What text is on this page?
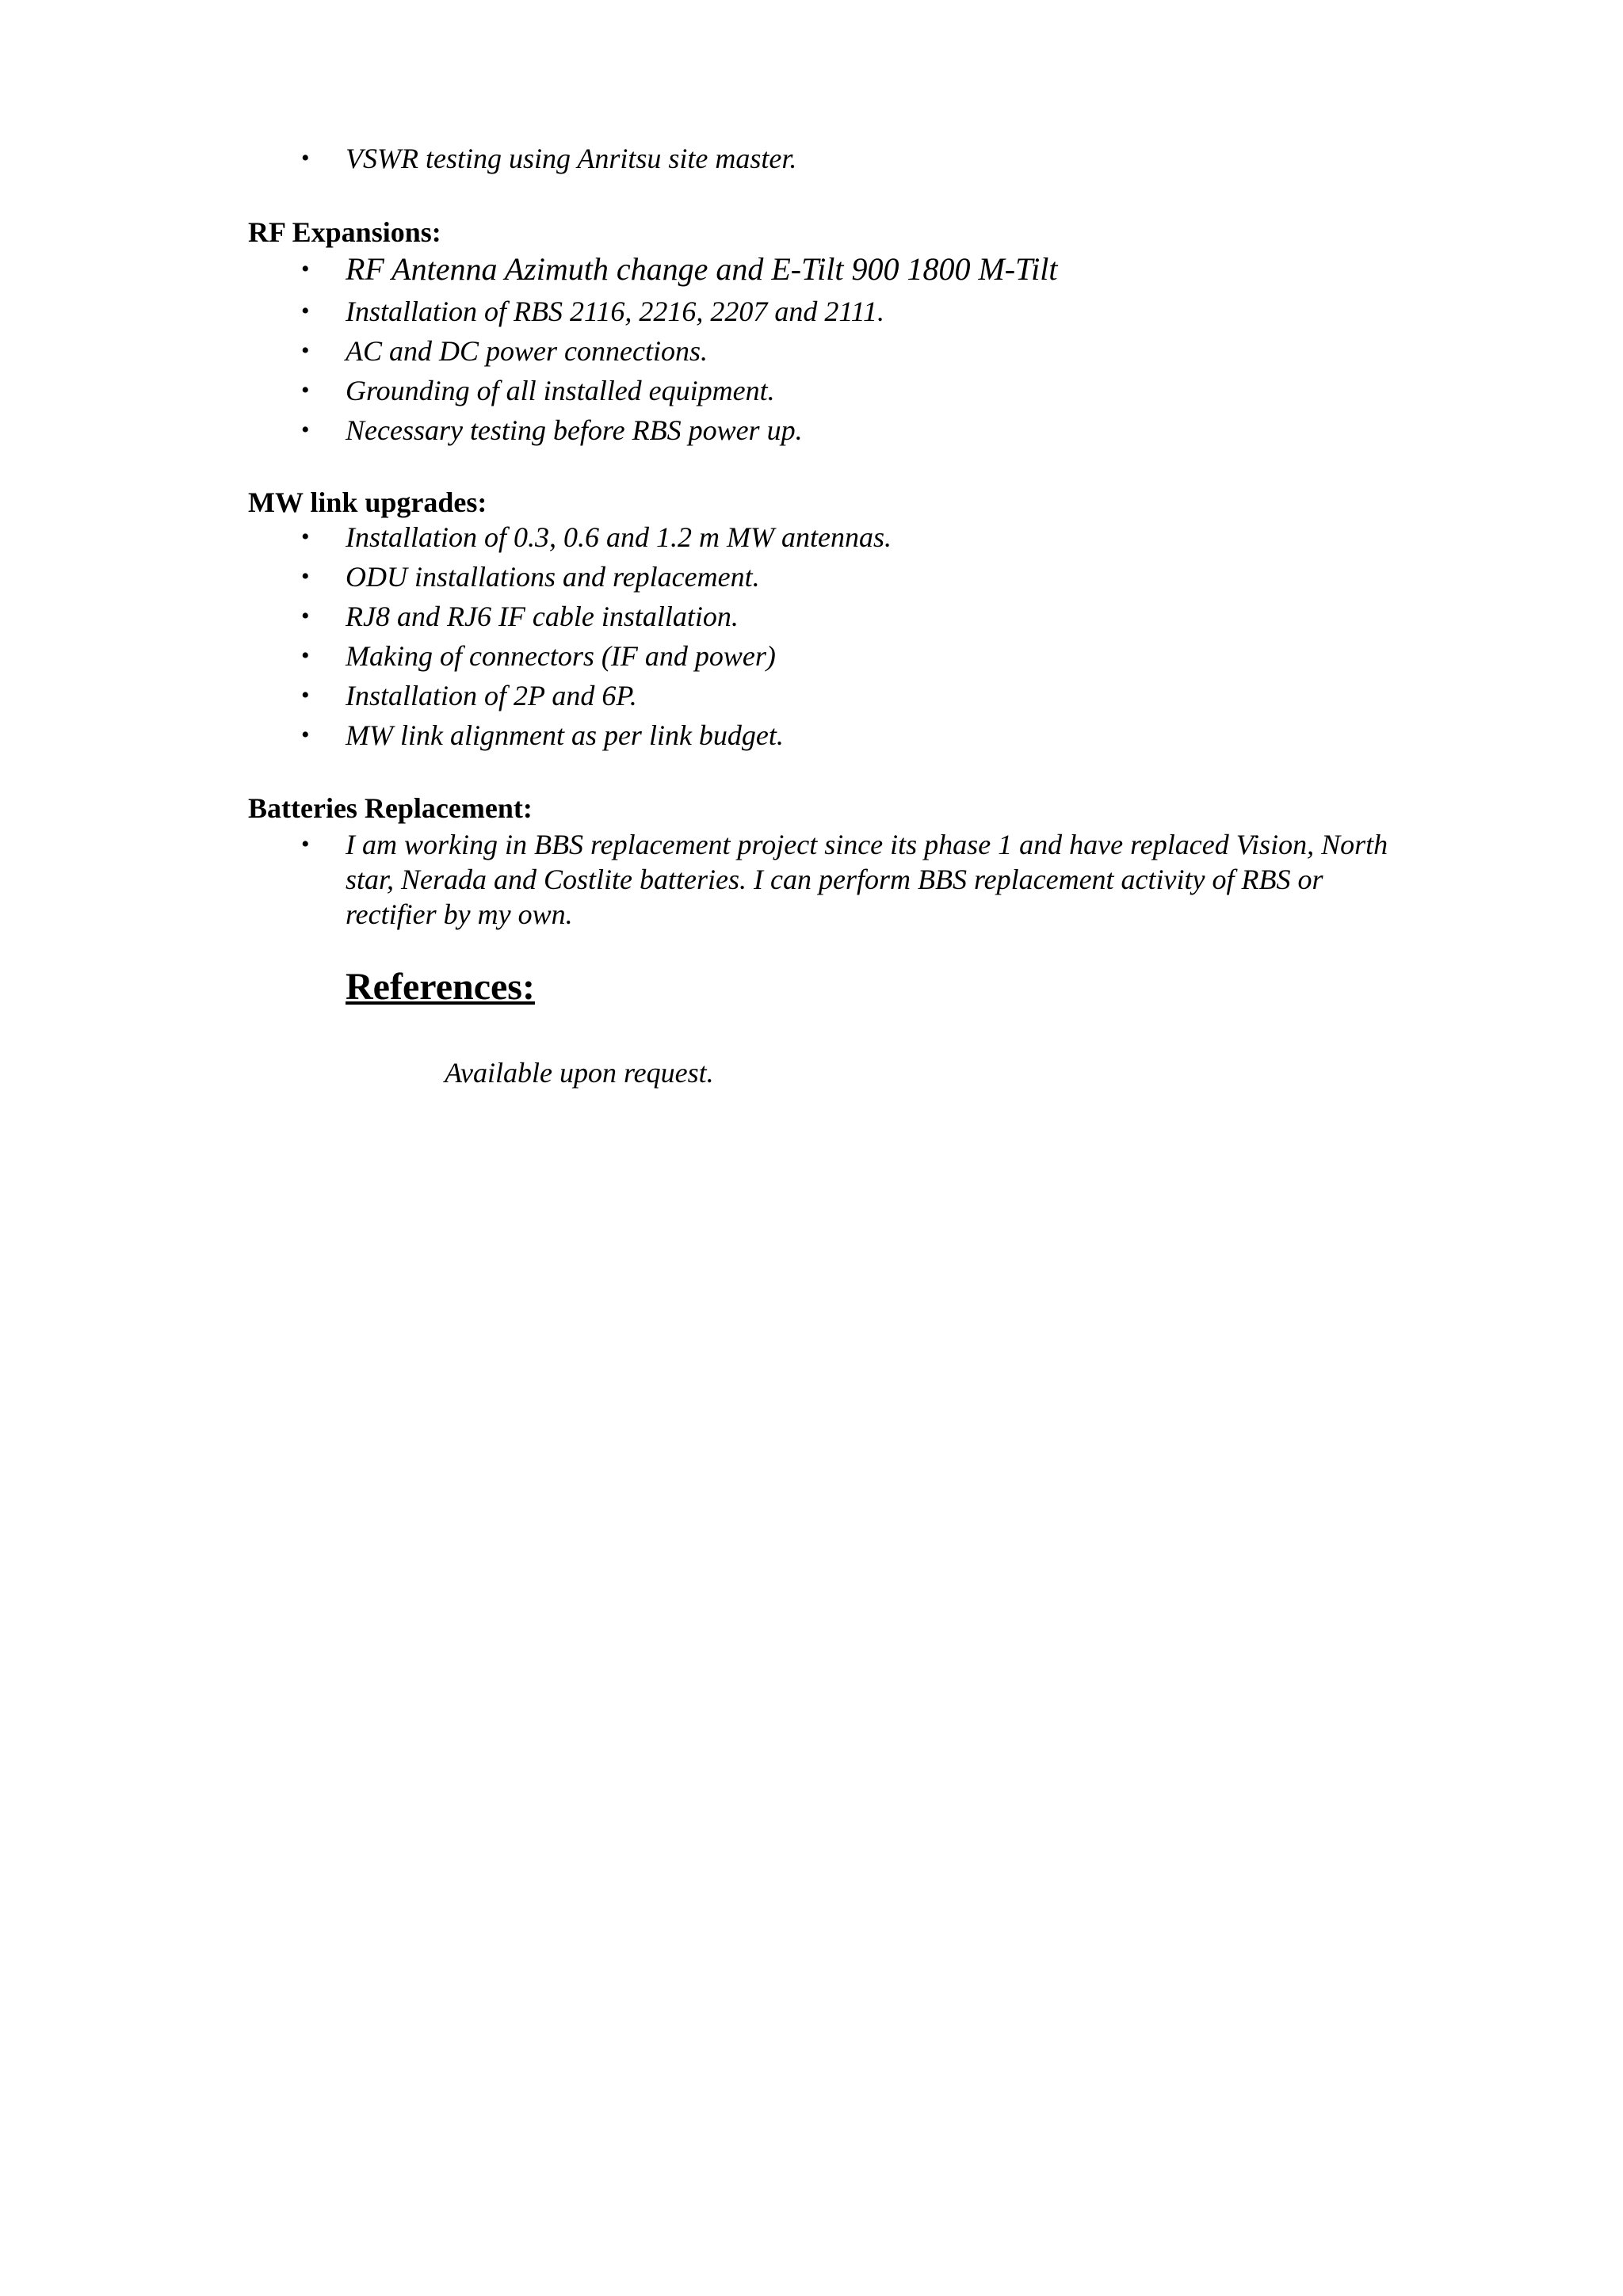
• VSWR testing using Anritsu site master.
RF Expansions:
• RF Antenna Azimuth change and E-Tilt 900 1800 M-Tilt
• Installation of RBS 2116, 2216, 2207 and 2111.
• AC and DC power connections.
• Grounding of all installed equipment.
• Necessary testing before RBS power up.
MW link upgrades:
• Installation of 0.3, 0.6 and 1.2 m MW antennas.
• ODU installations and replacement.
• RJ8 and RJ6 IF cable installation.
• Making of connectors (IF and power)
• Installation of 2P and 6P.
• MW link alignment as per link budget.
Batteries Replacement:
• I am working in BBS replacement project since its phase 1 and have replaced Vision, North star, Nerada and Costlite batteries. I can perform BBS replacement activity of RBS or rectifier by my own.
References:
Available upon request.
